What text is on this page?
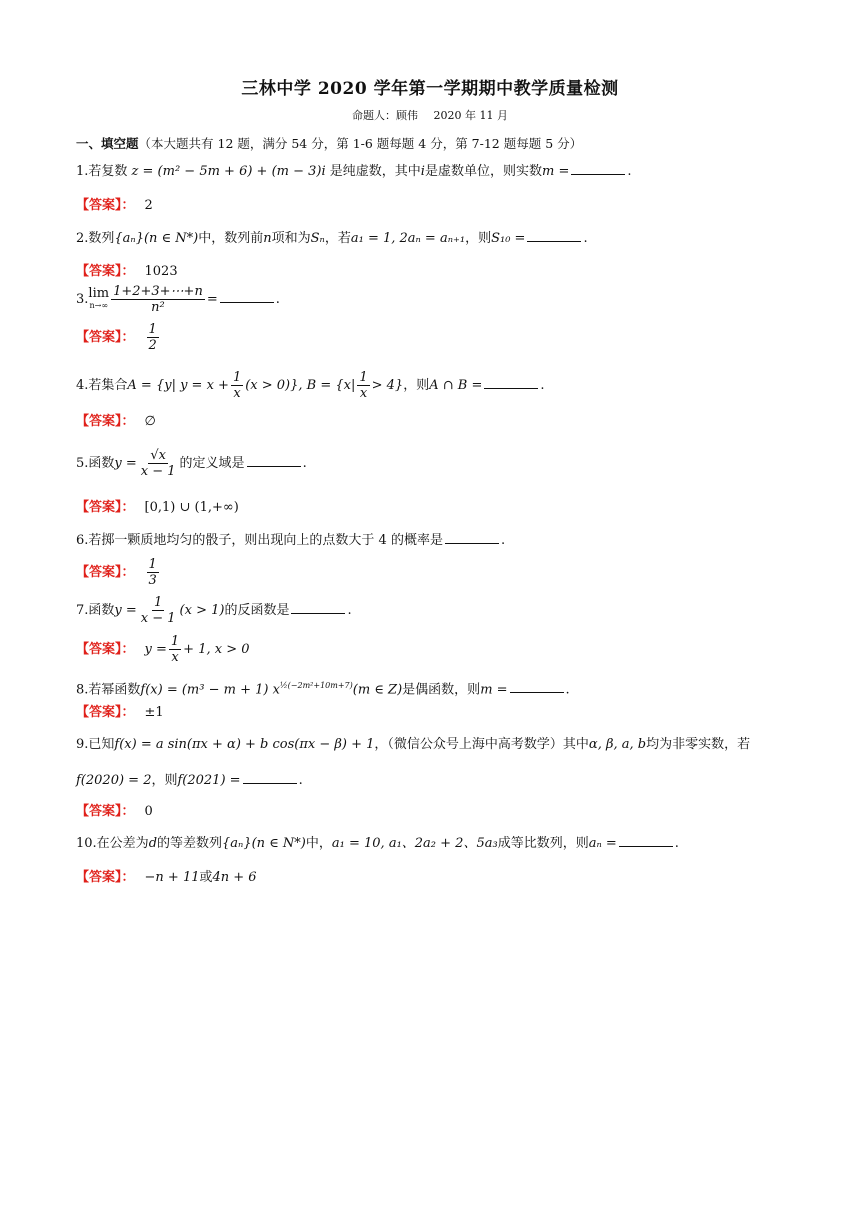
三林中学 2020 学年第一学期期中教学质量检测
命题人：顾伟 2020 年 11 月
一、填空题（本大题共有 12 题，满分 54 分，第 1-6 题每题 4 分，第 7-12 题每题 5 分）
1.若复数 z = (m² − 5m + 6) + (m − 3)i 是纯虚数，其中i是虚数单位，则实数m =	.
【答案】： 2
2.数列{aₙ}(n ∈ N*)中，数列前n项和为Sₙ，若a₁ = 1, 2aₙ = aₙ₊₁，则S₁₀ =	.
【答案】： 1023
3. lim
$n\to\infty \frac{1+2+3+\cdots+n}{\text{n²}}$ =	.
【答案】： $\frac{1}{2}$
4.若集合A = {y| $y = x + \frac{1}{x} (x > 0)$}, $B = \{x| \frac{1}{x} > 4\}$，则A ∩ B =	.
【答案】： ∅
5.函数$y = \frac{√x}{x - 1}$ 的定义域是	.
【答案】： [0,1) ∪ (1,+∞)
6.若掷一颗质地均匀的骰子，则出现向上的点数大于 4 的概率是	.
【答案】： $\frac{1}{3}$
7.函数$y = \frac{1}{x - 1} (x > 1)$的反函数是	.
【答案】： $y = \frac{1}{x} + 1$, x > 0
8.若幂函数f(x) = (m³ − m + 1) $x^{\frac{1}{2}(-2m^2+10m+7)}(m$ ∈ Z)是偶函数，则m =	.
【答案】： ±1
9.已知f(x) = a sin(πx + α) + b cos(πx − β) + 1，（微信公众号上海中高考数学）其中α, β, a, b均为非零实数，若
f(2020) = 2，则f(2021) =	.
【答案】： 0
10.在公差为d的等差数列{aₙ}(n ∈ N*)中，a₁ = 10, a₁、2a₂ + 2、5a₃成等比数列，则aₙ =	.
【答案】： −n + 11或4n + 6
